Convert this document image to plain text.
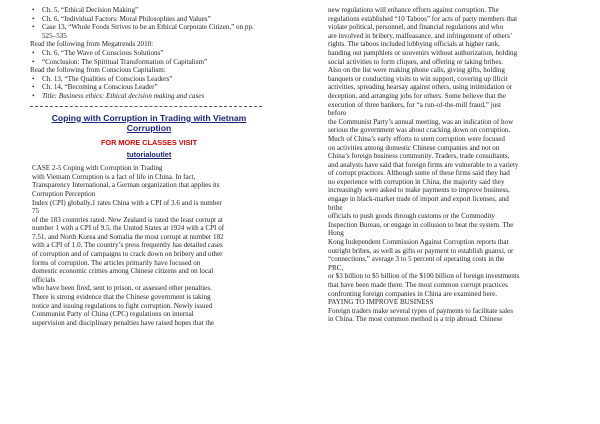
• Ch. 5, “Ethical Decision Making”
• Ch. 6, “Individual Factors: Moral Philosophies and Values”
• Case 13, “Whole Foods Strives to be an Ethical Corporate Citizen,” on pp. 525–535
Read the following from Megatrends 2010:
• Ch. 6, “The Wave of Conscious Solutions”
• “Conclusion: The Spiritual Transformation of Capitalism”
Read the following from Conscious Capitalism:
• Ch. 13, “The Qualities of Conscious Leaders”
• Ch. 14, “Becoming a Conscious Leader”
• Title: Business ethics: Ethical decision making and cases
Coping with Corruption in Trading with Vietnam Corruption
FOR MORE CLASSES VISIT
tutorialoutlet
CASE 2-5 Coping with Corruption in Trading
with Vietnam Corruption is a fact of life in China. In fact,
Transparency International, a German organization that applies its
Corruption Perception
Index (CPI) globally,1 rates China with a CPI of 3.6 and is number
75
of the 183 countries rated. New Zealand is rated the least corrupt at
number 1 with a CPI of 9.5, the United States at 1924 with a CPI of
7.51, and North Korea and Somalia the most corrupt at number 182
with a CPI of 1.0. The country’s press frequently has detailed cases
of corruption and of campaigns to crack down on bribery and other
forms of corruption. The articles primarily have focused on
domestic economic crimes among Chinese citizens and on local
officials
who have been fired, sent to prison, or assessed other penalties.
There is strong evidence that the Chinese government is taking
notice and issuing regulations to fight corruption. Newly issued
Communist Party of China (CPC) regulations on internal
supervision and disciplinary penalties have raised hopes that the
new regulations will enhance efforts against corruption. The
regulations established “10 Taboos” for acts of party members that
violate political, personnel, and financial regulations and who
are involved in bribery, malfeasance, and infringement of others’
rights. The taboos included lobbying officials at higher rank,
handing out pamphlets or souvenirs without authorization, holding
social activities to form cliques, and offering or taking bribes.
Also on the list were making phone calls, giving gifts, holding
banquets or conducting visits to win support, covering up illicit
activities, spreading hearsay against others, using intimidation or
deception, and arranging jobs for others. Some believe that the
execution of three bankers, for “a run-of-the-mill fraud,” just
before
the Communist Party’s annual meeting, was an indication of how
serious the government was about cracking down on corruption.
Much of China’s early efforts to stem corruption were focused
on activities among domestic Chinese companies and not on
China’s foreign business community. Traders, trade consultants,
and analysts have said that foreign firms are vulnerable to a variety
of corrupt practices. Although some of these firms said they had
no experience with corruption in China, the majority said they
increasingly were asked to make payments to improve business,
engage in black-market trade of import and export licenses, and
bribe
officials to push goods through customs or the Commodity
Inspection Bureau, or engage in collusion to beat the system. The
Hong
Kong Independent Commission Against Corruption reports that
outright bribes, as well as gifts or payment to establish guanxi, or
“connections,” average 3 to 5 percent of operating costs in the
PRC,
or $3 billion to $5 billion of the $100 billion of foreign investments
that have been made there. The most common corrupt practices
confronting foreign companies in China are examined here.
PAYING TO IMPROVE BUSINESS
Foreign traders make several types of payments to facilitate sales
in China. The most common method is a trip abroad. Chinese
